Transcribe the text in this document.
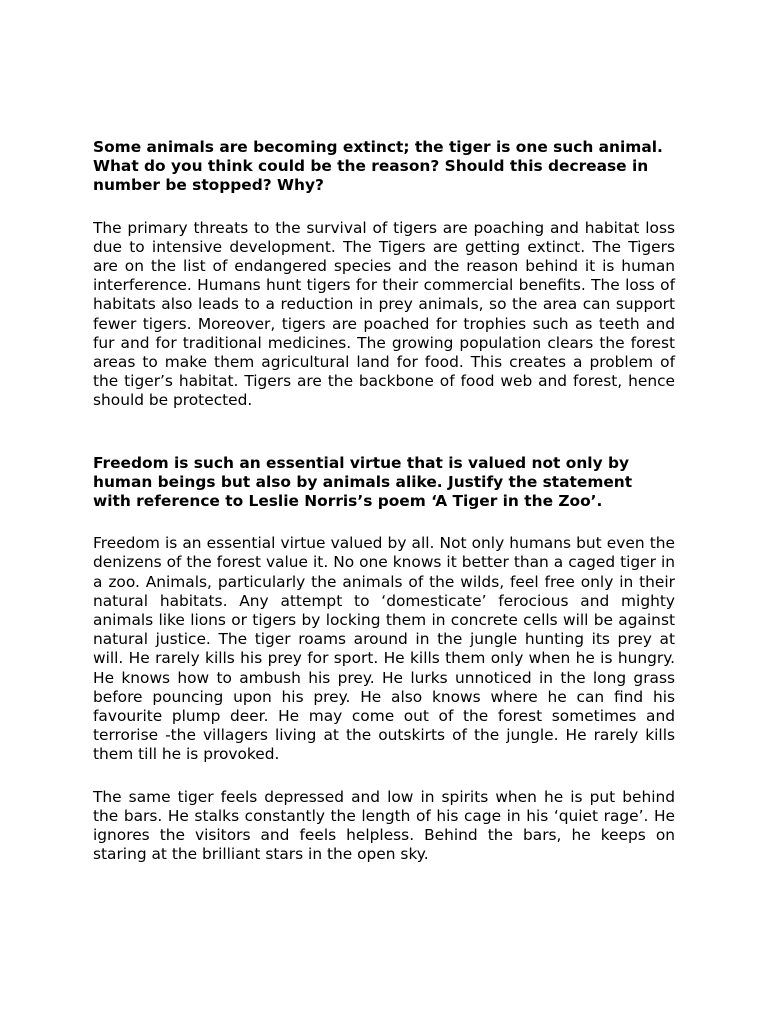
Some animals are becoming extinct; the tiger is one such animal. What do you think could be the reason? Should this decrease in number be stopped? Why?

The primary threats to the survival of tigers are poaching and habitat loss due to intensive development. The Tigers are getting extinct. The Tigers are on the list of endangered species and the reason behind it is human interference. Humans hunt tigers for their commercial benefits. The loss of habitats also leads to a reduction in prey animals, so the area can support fewer tigers. Moreover, tigers are poached for trophies such as teeth and fur and for traditional medicines. The growing population clears the forest areas to make them agricultural land for food. This creates a problem of the tiger’s habitat. Tigers are the backbone of food web and forest, hence should be protected.

Freedom is such an essential virtue that is valued not only by human beings but also by animals alike. Justify the statement with reference to Leslie Norris’s poem ‘A Tiger in the Zoo’.

Freedom is an essential virtue valued by all. Not only humans but even the denizens of the forest value it. No one knows it better than a caged tiger in a zoo. Animals, particularly the animals of the wilds, feel free only in their natural habitats. Any attempt to ‘domesticate’ ferocious and mighty animals like lions or tigers by locking them in concrete cells will be against natural justice. The tiger roams around in the jungle hunting its prey at will. He rarely kills his prey for sport. He kills them only when he is hungry. He knows how to ambush his prey. He lurks unnoticed in the long grass before pouncing upon his prey. He also knows where he can find his favourite plump deer. He may come out of the forest sometimes and terrorise -the villagers living at the outskirts of the jungle. He rarely kills them till he is provoked.

The same tiger feels depressed and low in spirits when he is put behind the bars. He stalks constantly the length of his cage in his ‘quiet rage’. He ignores the visitors and feels helpless. Behind the bars, he keeps on staring at the brilliant stars in the open sky.
